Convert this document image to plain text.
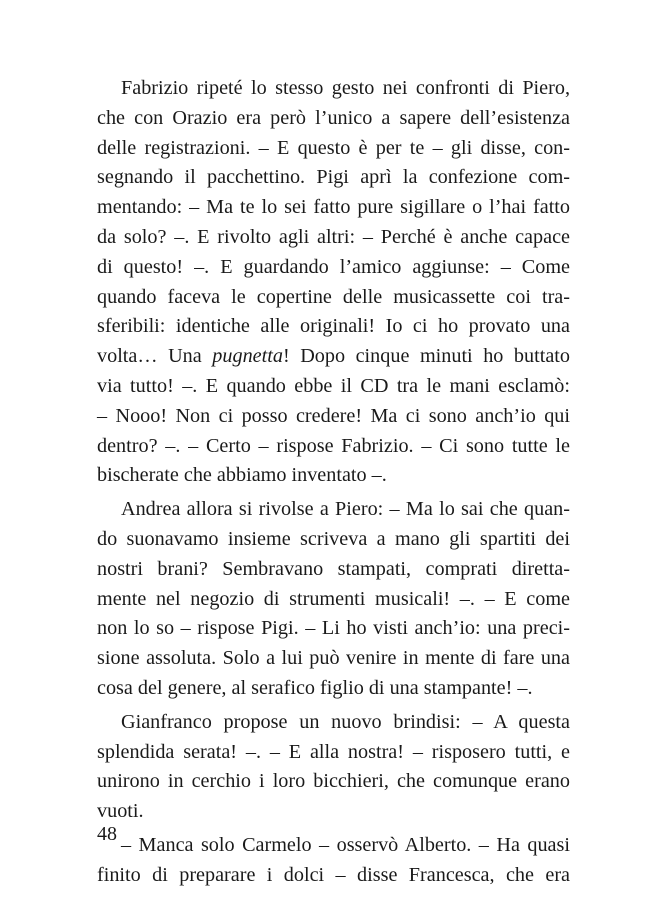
Fabrizio ripeté lo stesso gesto nei confronti di Piero,
che con Orazio era però l’unico a sapere dell’esistenza
delle registrazioni. – E questo è per te – gli disse, con-
segnando il pacchettino. Pigi aprì la confezione com-
mentando: – Ma te lo sei fatto pure sigillare o l’hai fatto
da solo? –. E rivolto agli altri: – Perché è anche capace
di questo! –. E guardando l’amico aggiunse: – Come
quando faceva le copertine delle musicassette coi tra-
sferibili: identiche alle originali! Io ci ho provato una
volta… Una pugnetta! Dopo cinque minuti ho buttato
via tutto! –. E quando ebbe il CD tra le mani esclamò:
– Nooo! Non ci posso credere! Ma ci sono anch’io qui
dentro? –. – Certo – rispose Fabrizio. – Ci sono tutte le
bischerate che abbiamo inventato –.
Andrea allora si rivolse a Piero: – Ma lo sai che quan-
do suonavamo insieme scriveva a mano gli spartiti dei
nostri brani? Sembravano stampati, comprati diretta-
mente nel negozio di strumenti musicali! –. – E come
non lo so – rispose Pigi. – Li ho visti anch’io: una preci-
sione assoluta. Solo a lui può venire in mente di fare una
cosa del genere, al serafico figlio di una stampante! –.
Gianfranco propose un nuovo brindisi: – A questa
splendida serata! –. – E alla nostra! – risposero tutti, e
unirono in cerchio i loro bicchieri, che comunque erano
vuoti.
– Manca solo Carmelo – osservò Alberto. – Ha quasi
finito di preparare i dolci – disse Francesca, che era
48
